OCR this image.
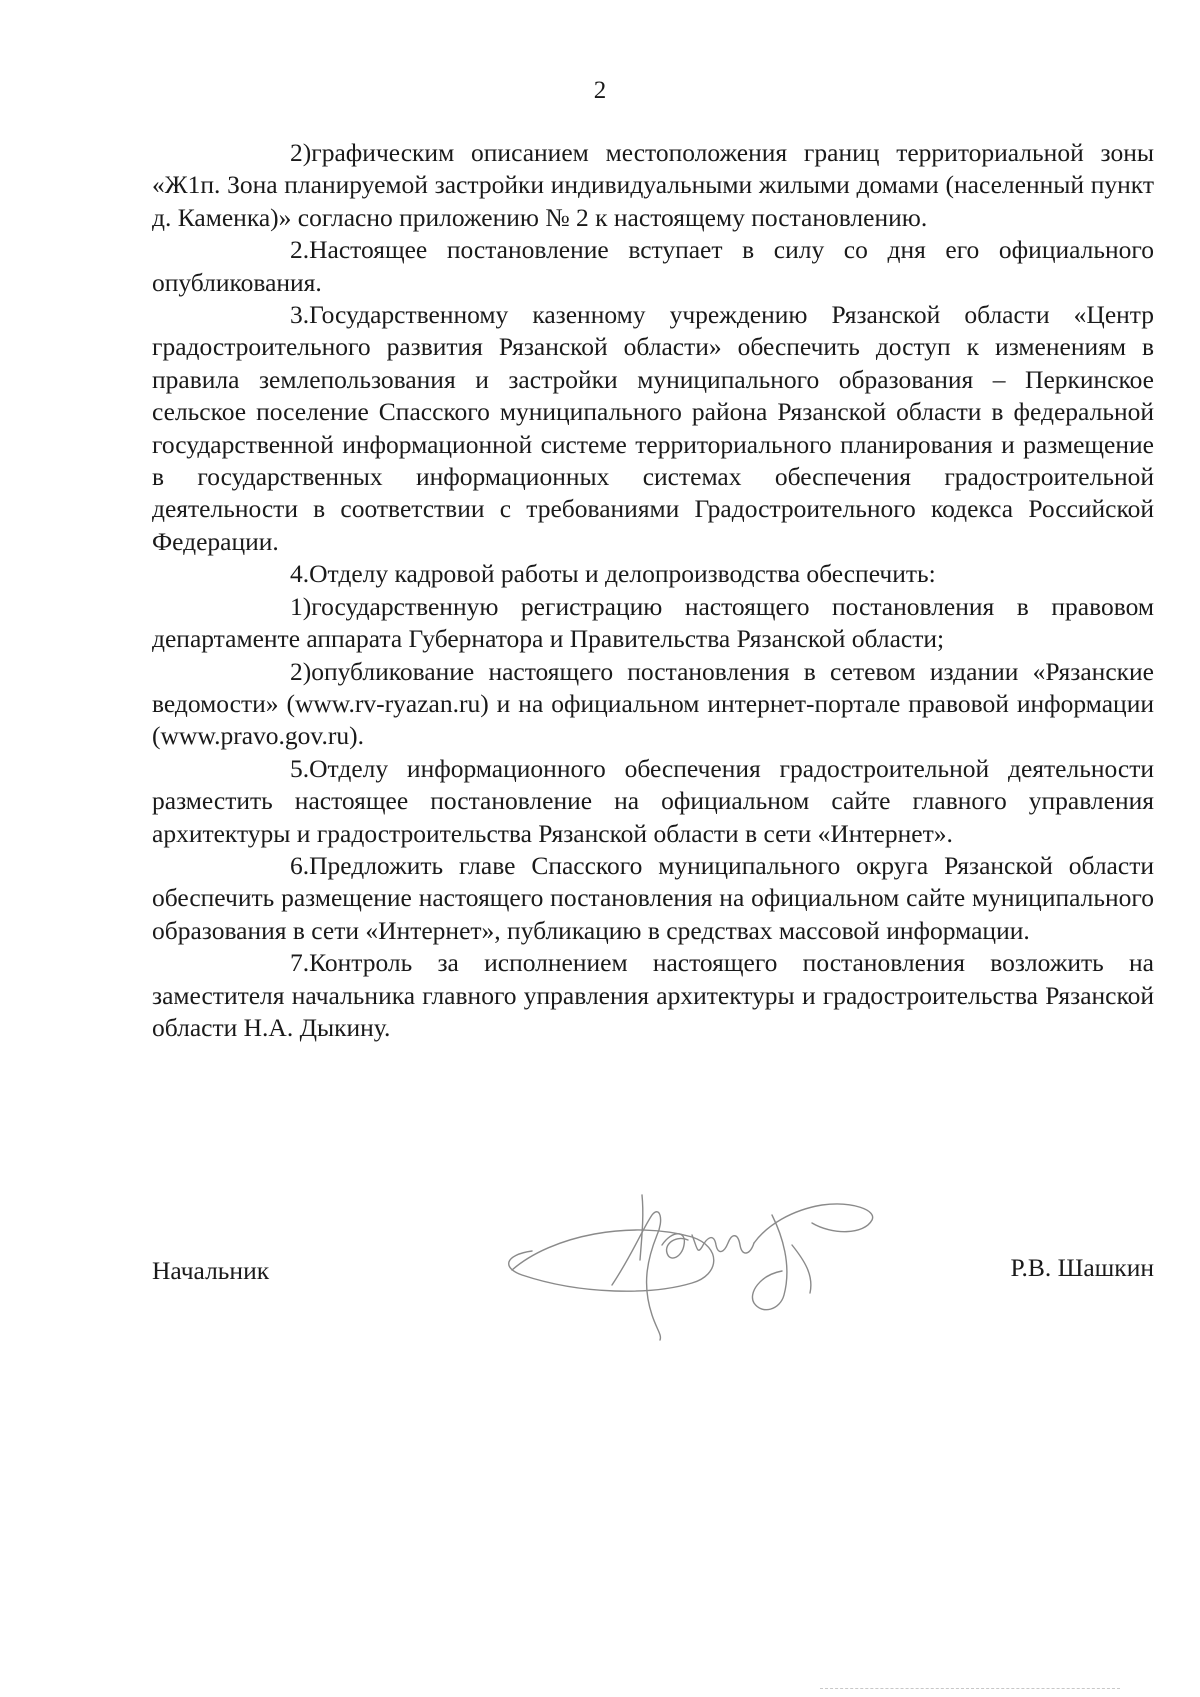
2

2)графическим описанием местоположения границ территориальной зоны «Ж1п. Зона планируемой застройки индивидуальными жилыми домами (населенный пункт д. Каменка)» согласно приложению № 2 к настоящему постановлению.

2.Настоящее постановление вступает в силу со дня его официального опубликования.

3.Государственному казенному учреждению Рязанской области «Центр градостроительного развития Рязанской области» обеспечить доступ к изменениям в правила землепользования и застройки муниципального образования – Перкинское сельское поселение Спасского муниципального района Рязанской области в федеральной государственной информационной системе территориального планирования и размещение в государственных информационных системах обеспечения градостроительной деятельности в соответствии с требованиями Градостроительного кодекса Российской Федерации.

4.Отделу кадровой работы и делопроизводства обеспечить:

1)государственную регистрацию настоящего постановления в правовом департаменте аппарата Губернатора и Правительства Рязанской области;

2)опубликование настоящего постановления в сетевом издании «Рязанские ведомости» (www.rv-ryazan.ru) и на официальном интернет-портале правовой информации (www.pravo.gov.ru).

5.Отделу информационного обеспечения градостроительной деятельности разместить настоящее постановление на официальном сайте главного управления архитектуры и градостроительства Рязанской области в сети «Интернет».

6.Предложить главе Спасского муниципального округа Рязанской области обеспечить размещение настоящего постановления на официальном сайте муниципального образования в сети «Интернет», публикацию в средствах массовой информации.

7.Контроль за исполнением настоящего постановления возложить на заместителя начальника главного управления архитектуры и градостроительства Рязанской области Н.А. Дыкину.

Начальник	Р.В. Шашкин
